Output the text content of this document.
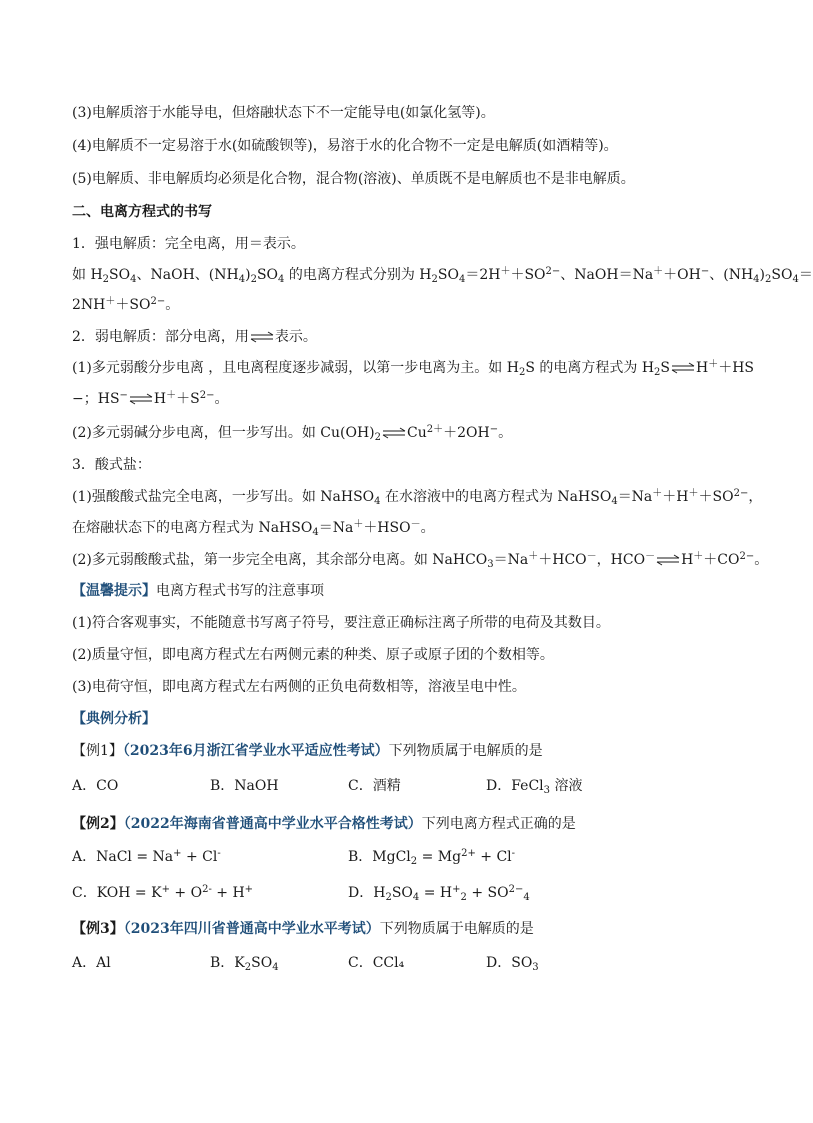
(3)电解质溶于水能导电，但熔融状态下不一定能导电(如氯化氢等)。
(4)电解质不一定易溶于水(如硫酸钡等)，易溶于水的化合物不一定是电解质(如酒精等)。
(5)电解质、非电解质均必须是化合物，混合物(溶液)、单质既不是电解质也不是非电解质。
二、电离方程式的书写
1．强电解质：完全电离，用＝表示。
如 $H_2SO_4$、NaOH、$(NH_4)_2SO_4$ 的电离方程式分别为 $H_2SO_4=2H^++SO^{2-}$、NaOH＝Na＋＋OH−、$(NH_4)_2SO_4=$
$2NH^++SO^{2-}$。
2．弱电解质：部分电离，用⇌表示。
(1)多元弱酸分步电离 ，且电离程度逐步减弱，以第一步电离为主。如 $H_2S$ 的电离方程式为 $H_2S\rightleftharpoons H^++HS$
−；$HS^-\rightleftharpoons H^++S^{2-}$。
(2)多元弱碱分步电离，但一步写出。如 $Cu(OH)_2\rightleftharpoons Cu^{2+}+2OH^-$。
3．酸式盐：
(1)强酸酸式盐完全电离，一步写出。如 NaHSO$_4$ 在水溶液中的电离方程式为 $NaHSO_4=Na^++H^++SO^{2-}$，
在熔融状态下的电离方程式为 NaHSO$_4$＝Na＋＋HSO－。
(2)多元弱酸酸式盐，第一步完全电离，其余部分电离。如 NaHCO$_3$＝Na＋＋HCO－，$HCO^-\rightleftharpoons H^++CO^{2-}$。
【温馨提示】电离方程式书写的注意事项
(1)符合客观事实，不能随意书写离子符号，要注意正确标注离子所带的电荷及其数目。
(2)质量守恒，即电离方程式左右两侧元素的种类、原子或原子团的个数相等。
(3)电荷守恒，即电离方程式左右两侧的正负电荷数相等，溶液呈电中性。
【典例分析】
【例1】（2023年6月浙江省学业水平适应性考试）下列物质属于电解质的是
A．CO	B．NaOH	C．酒精	D．FeCl$_3$ 溶液
【例2】（2022年海南省普通高中学业水平合格性考试）下列电离方程式正确的是
A．NaCl = Na+ + Cl-	B．MgCl$_2$ = $Mg^{2+} + Cl^-$
C．KOH = $K^+ + O^{2-} + H^+$	D．$H_2SO_4 = H^+_2 + SO^{2-}_4$
【例3】（2023年四川省普通高中学业水平考试）下列物质属于电解质的是
A．Al	B．$K_2SO_4$	C．CCl₄	D．$SO_3$
